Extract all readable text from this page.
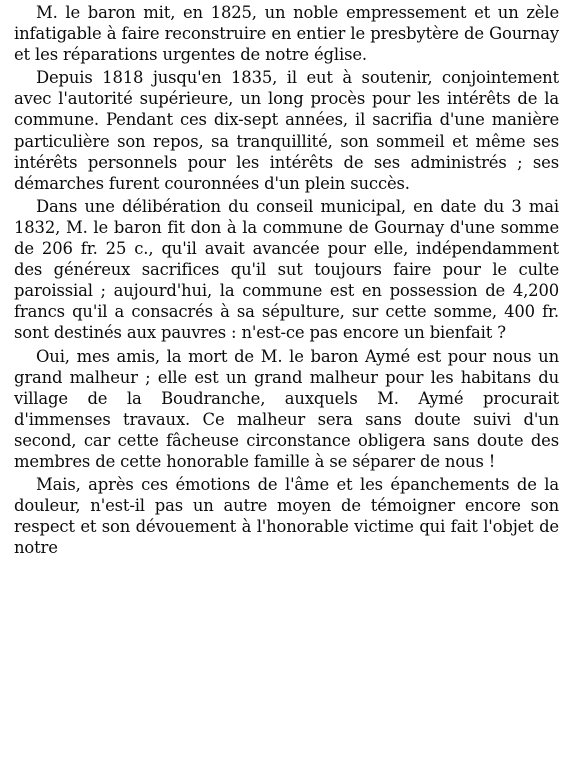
M. le baron mit, en 1825, un noble empressement et un zèle infatigable à faire reconstruire en entier le presbytère de Gournay et les réparations urgentes de notre église.

Depuis 1818 jusqu'en 1835, il eut à soutenir, conjointement avec l'autorité supérieure, un long procès pour les intérêts de la commune. Pendant ces dix-sept années, il sacrifia d'une manière particulière son repos, sa tranquillité, son sommeil et même ses intérêts personnels pour les intérêts de ses administrés ; ses démarches furent couronnées d'un plein succès.

Dans une délibération du conseil municipal, en date du 3 mai 1832, M. le baron fit don à la commune de Gournay d'une somme de 206 fr. 25 c., qu'il avait avancée pour elle, indépendamment des généreux sacrifices qu'il sut toujours faire pour le culte paroissial ; aujourd'hui, la commune est en possession de 4,200 francs qu'il a consacrés à sa sépulture, sur cette somme, 400 fr. sont destinés aux pauvres : n'est-ce pas encore un bienfait ?

Oui, mes amis, la mort de M. le baron Aymé est pour nous un grand malheur ; elle est un grand malheur pour les habitans du village de la Boudranche, auxquels M. Aymé procurait d'immenses travaux. Ce malheur sera sans doute suivi d'un second, car cette fâcheuse circonstance obligera sans doute des membres de cette honorable famille à se séparer de nous !

Mais, après ces émotions de l'âme et les épanchements de la douleur, n'est-il pas un autre moyen de témoigner encore son respect et son dévouement à l'honorable victime qui fait l'objet de notre
